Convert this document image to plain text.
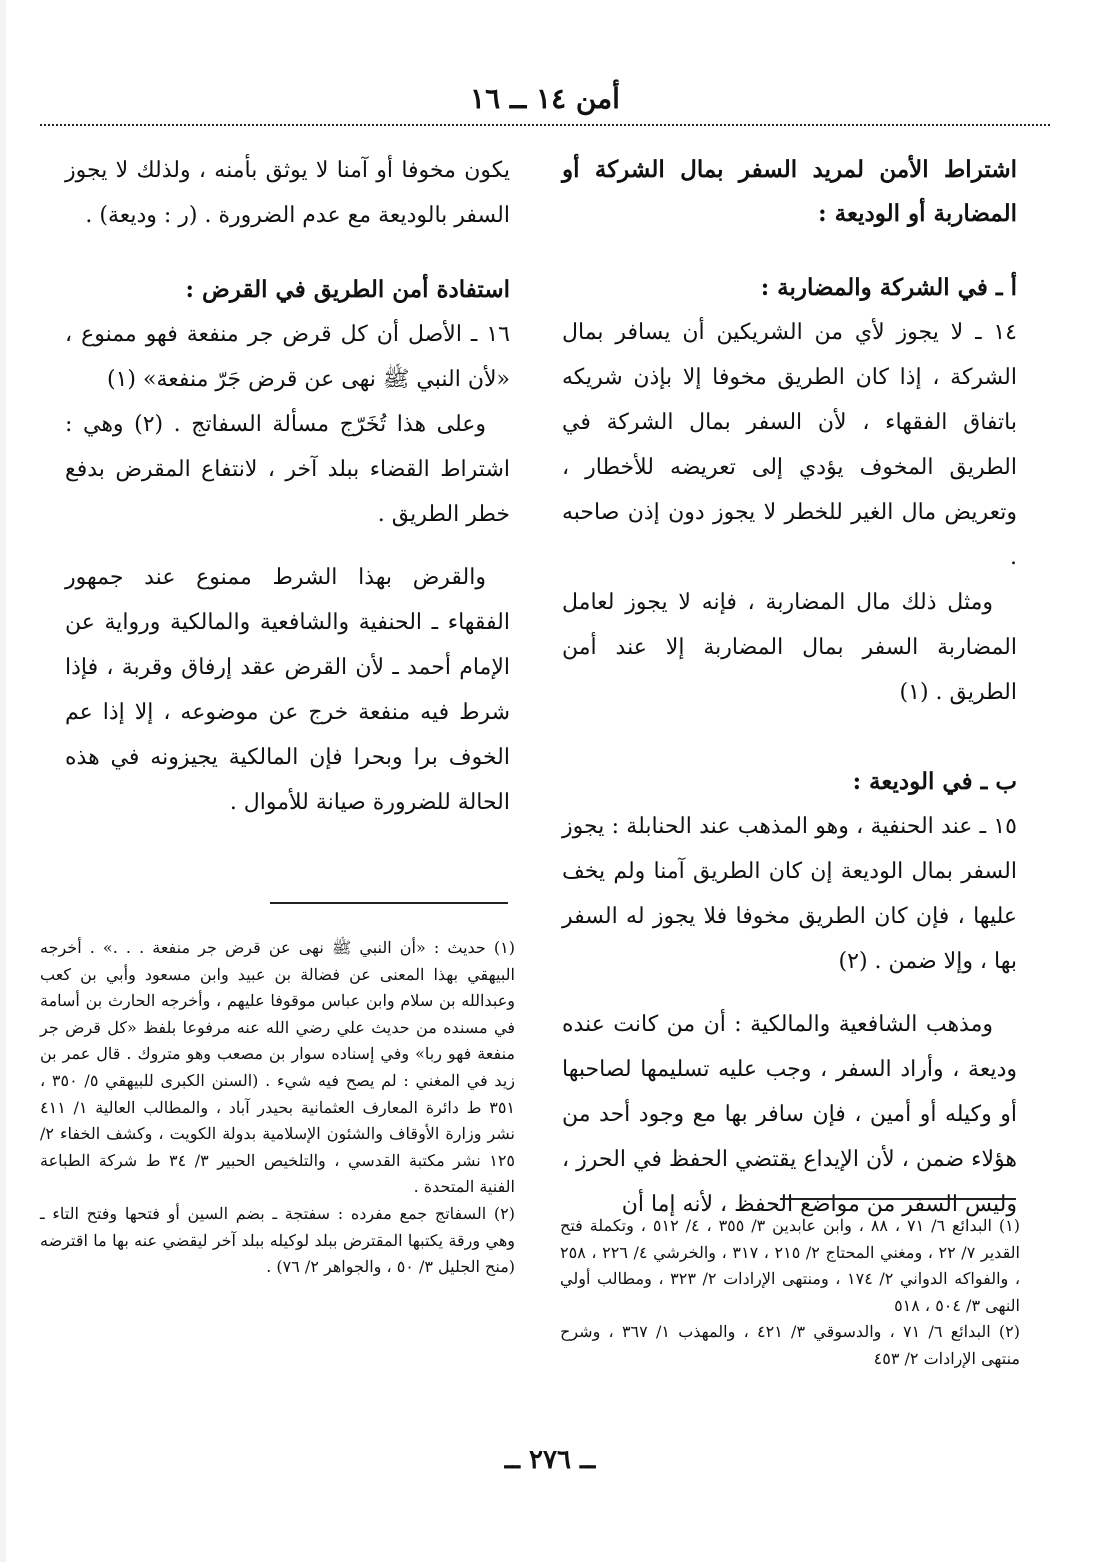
أمن ١٤ ــ ١٦

اشتراط الأمن لمريد السفر بمال الشركة أو المضاربة أو الوديعة :

أ ـ في الشركة والمضاربة :

١٤ ـ لا يجوز لأي من الشريكين أن يسافر بمال الشركة ، إذا كان الطريق مخوفا إلا بإذن شريكه باتفاق الفقهاء ، لأن السفر بمال الشركة في الطريق المخوف يؤدي إلى تعريضه للأخطار ، وتعريض مال الغير للخطر لا يجوز دون إذن صاحبه .

ومثل ذلك مال المضاربة ، فإنه لا يجوز لعامل المضاربة السفر بمال المضاربة إلا عند أمن الطريق . (١)

ب ـ في الوديعة :

١٥ ـ عند الحنفية ، وهو المذهب عند الحنابلة : يجوز السفر بمال الوديعة إن كان الطريق آمنا ولم يخف عليها ، فإن كان الطريق مخوفا فلا يجوز له السفر بها ، وإلا ضمن . (٢)

ومذهب الشافعية والمالكية : أن من كانت عنده وديعة ، وأراد السفر ، وجب عليه تسليمها لصاحبها أو وكيله أو أمين ، فإن سافر بها مع وجود أحد من هؤلاء ضمن ، لأن الإيداع يقتضي الحفظ في الحرز ، وليس السفر من مواضع الحفظ ، لأنه إما أن

يكون مخوفا أو آمنا لا يوثق بأمنه ، ولذلك لا يجوز السفر بالوديعة مع عدم الضرورة . (ر : وديعة) .

استفادة أمن الطريق في القرض :

١٦ ـ الأصل أن كل قرض جر منفعة فهو ممنوع ، «لأن النبي ﷺ نهى عن قرض جَرّ منفعة» (١)

وعلى هذا تُخَرّج مسألة السفاتج . (٢) وهي : اشتراط القضاء ببلد آخر ، لانتفاع المقرض بدفع خطر الطريق .

والقرض بهذا الشرط ممنوع عند جمهور الفقهاء ـ الحنفية والشافعية والمالكية ورواية عن الإمام أحمد ـ لأن القرض عقد إرفاق وقربة ، فإذا شرط فيه منفعة خرج عن موضوعه ، إلا إذا عم الخوف برا وبحرا فإن المالكية يجيزونه في هذه الحالة للضرورة صيانة للأموال .

(١) حديث : «أن النبي ﷺ نهى عن قرض جر منفعة . . .» . أخرجه البيهقي بهذا المعنى عن فضالة بن عبيد وابن مسعود وأبي بن كعب وعبدالله بن سلام وابن عباس موقوفا عليهم ، وأخرجه الحارث بن أسامة في مسنده من حديث علي رضي الله عنه مرفوعا بلفظ «كل قرض جر منفعة فهو ربا» وفي إسناده سوار بن مصعب وهو متروك . قال عمر بن زيد في المغني : لم يصح فيه شيء . (السنن الكبرى للبيهقي ٥/ ٣٥٠ ، ٣٥١ ط دائرة المعارف العثمانية بحيدر آباد ، والمطالب العالية ١/ ٤١١ نشر وزارة الأوقاف والشئون الإسلامية بدولة الكويت ، وكشف الخفاء ٢/ ١٢٥ نشر مكتبة القدسي ، والتلخيص الحبير ٣/ ٣٤ ط شركة الطباعة الفنية المتحدة .

(٢) السفاتج جمع مفرده : سفتجة ـ بضم السين أو فتحها وفتح التاء ـ وهي ورقة يكتبها المقترض ببلد لوكيله ببلد آخر ليقضي عنه بها ما اقترضه (منح الجليل ٣/ ٥٠ ، والجواهر ٢/ ٧٦) .

(١) البدائع ٦/ ٧١ ، ٨٨ ، وابن عابدين ٣/ ٣٥٥ ، ٤/ ٥١٢ ، وتكملة فتح القدير ٧/ ٢٢ ، ومغني المحتاج ٢/ ٢١٥ ، ٣١٧ ، والخرشي ٤/ ٢٢٦ ، ٢٥٨ ، والفواكه الدواني ٢/ ١٧٤ ، ومنتهى الإرادات ٢/ ٣٢٣ ، ومطالب أولي النهى ٣/ ٥٠٤ ، ٥١٨

(٢) البدائع ٦/ ٧١ ، والدسوقي ٣/ ٤٢١ ، والمهذب ١/ ٣٦٧ ، وشرح منتهى الإرادات ٢/ ٤٥٣

ــ ٢٧٦ ــ
